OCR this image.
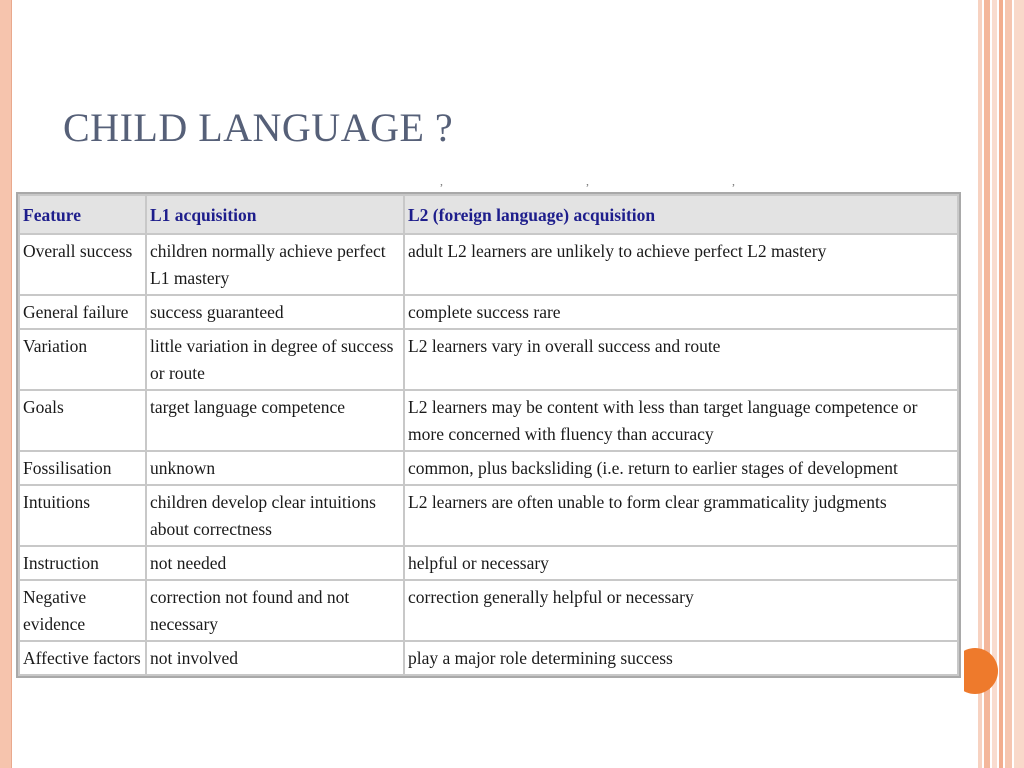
CHILD LANGUAGE ?
, , ,
Feature	L1 acquisition	L2 (foreign language) acquisition
Overall success	children normally achieve perfect L1 mastery	adult L2 learners are unlikely to achieve perfect L2 mastery
General failure	success guaranteed	complete success rare
Variation	little variation in degree of success or route	L2 learners vary in overall success and route
Goals	target language competence	L2 learners may be content with less than target language competence or more concerned with fluency than accuracy
Fossilisation	unknown	common, plus backsliding (i.e. return to earlier stages of development
Intuitions	children develop clear intuitions about correctness	L2 learners are often unable to form clear grammaticality judgments
Instruction	not needed	helpful or necessary
Negative evidence	correction not found and not necessary	correction generally helpful or necessary
Affective factors	not involved	play a major role determining success
